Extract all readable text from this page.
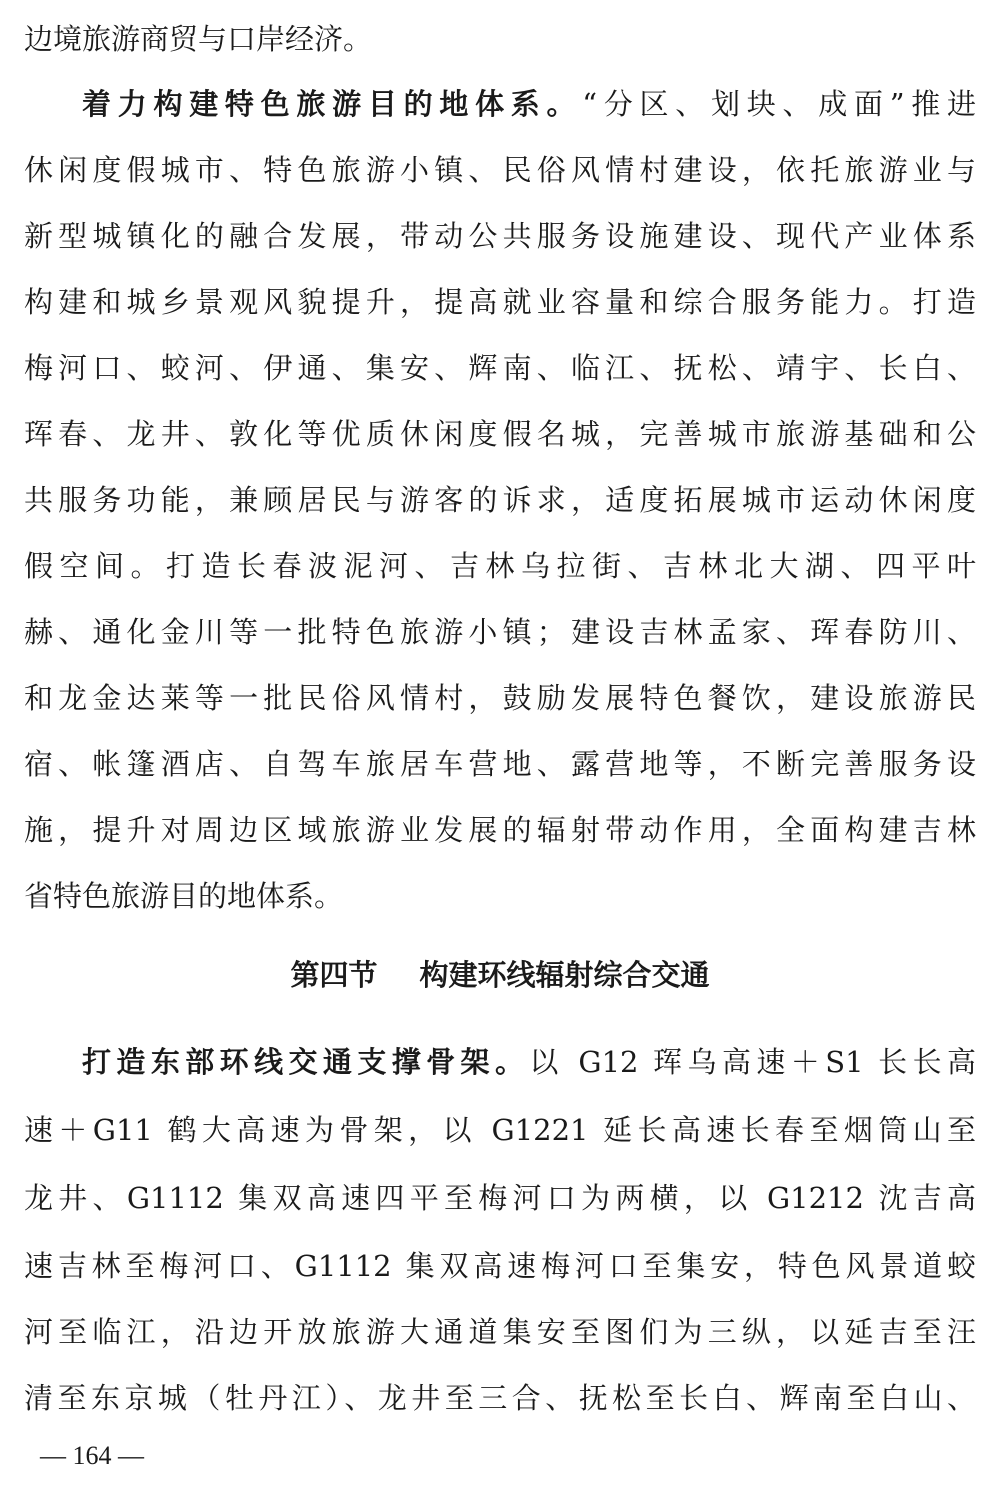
边境旅游商贸与口岸经济。
着力构建特色旅游目的地体系。“分区、划块、成面”推进
休闲度假城市、特色旅游小镇、民俗风情村建设，依托旅游业与
新型城镇化的融合发展，带动公共服务设施建设、现代产业体系
构建和城乡景观风貌提升，提高就业容量和综合服务能力。打造
梅河口、蛟河、伊通、集安、辉南、临江、抚松、靖宇、长白、
珲春、龙井、敦化等优质休闲度假名城，完善城市旅游基础和公
共服务功能，兼顾居民与游客的诉求，适度拓展城市运动休闲度
假空间。打造长春波泥河、吉林乌拉街、吉林北大湖、四平叶
赫、通化金川等一批特色旅游小镇；建设吉林孟家、珲春防川、
和龙金达莱等一批民俗风情村，鼓励发展特色餐饮，建设旅游民
宿、帐篷酒店、自驾车旅居车营地、露营地等，不断完善服务设
施，提升对周边区域旅游业发展的辐射带动作用，全面构建吉林
省特色旅游目的地体系。
第四节 构建环线辐射综合交通
打造东部环线交通支撑骨架。以 G12 珲乌高速＋S1 长长高
速＋G11 鹤大高速为骨架，以 G1221 延长高速长春至烟筒山至
龙井、G1112 集双高速四平至梅河口为两横，以 G1212 沈吉高
速吉林至梅河口、G1112 集双高速梅河口至集安，特色风景道蛟
河至临江，沿边开放旅游大通道集安至图们为三纵，以延吉至汪
清至东京城（牡丹江）、龙井至三合、抚松至长白、辉南至白山、
— 164 —
